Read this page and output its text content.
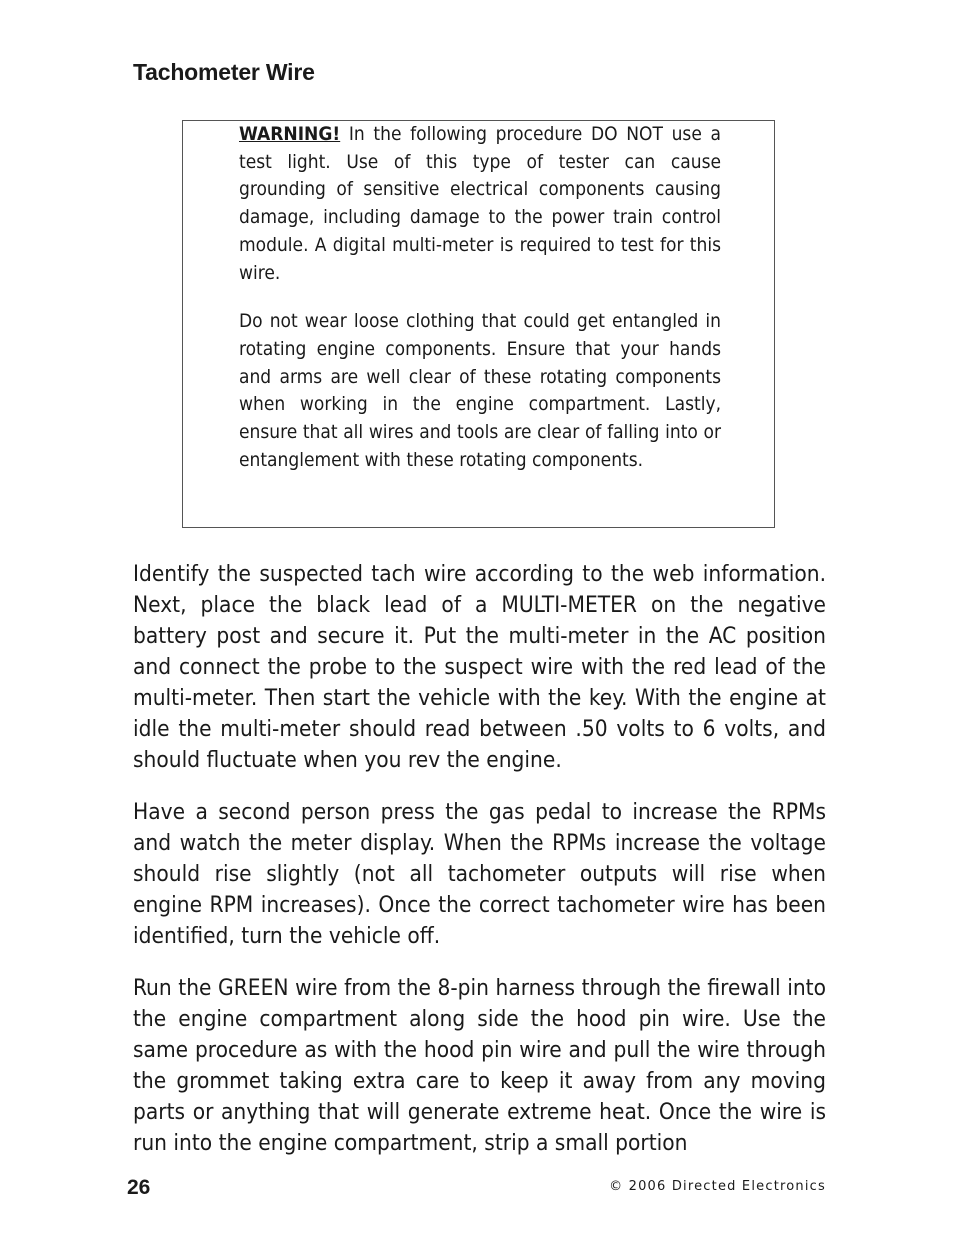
Tachometer Wire

WARNING! In the following procedure DO NOT use a test light. Use of this type of tester can cause grounding of sensitive electrical components causing damage, including damage to the power train control module. A digital multi-meter is required to test for this wire.

Do not wear loose clothing that could get entangled in rotating engine components. Ensure that your hands and arms are well clear of these rotating components when working in the engine compartment. Lastly, ensure that all wires and tools are clear of falling into or entanglement with these rotating components.

Identify the suspected tach wire according to the web information. Next, place the black lead of a MULTI-METER on the negative battery post and secure it. Put the multi-meter in the AC position and connect the probe to the suspect wire with the red lead of the multi-meter. Then start the vehicle with the key. With the engine at idle the multi-meter should read between .50 volts to 6 volts, and should fluctuate when you rev the engine.

Have a second person press the gas pedal to increase the RPMs and watch the meter display. When the RPMs increase the voltage should rise slightly (not all tachometer outputs will rise when engine RPM increases). Once the correct tachometer wire has been identified, turn the vehicle off.

Run the GREEN wire from the 8-pin harness through the firewall into the engine compartment along side the hood pin wire. Use the same procedure as with the hood pin wire and pull the wire through the grommet taking extra care to keep it away from any moving parts or anything that will generate extreme heat. Once the wire is run into the engine compartment, strip a small portion

26	© 2006 Directed Electronics
